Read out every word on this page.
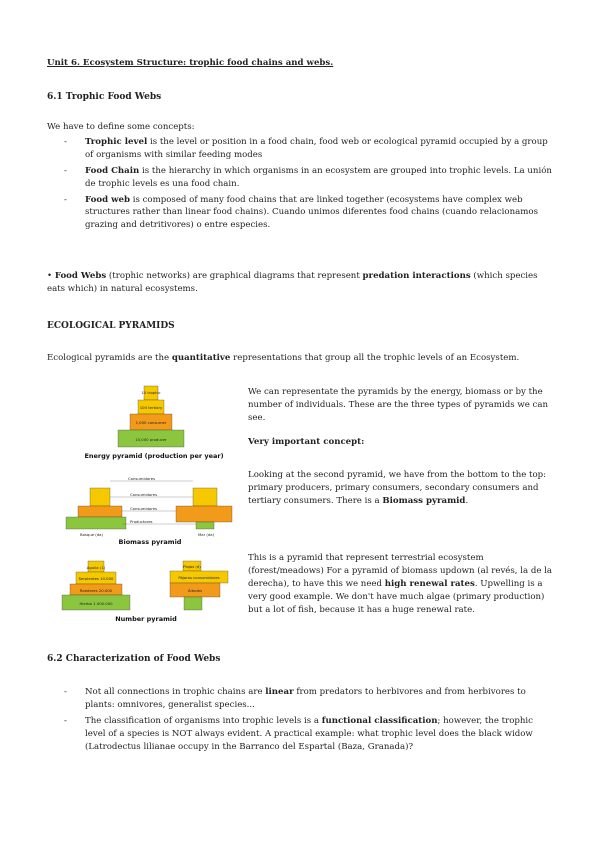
Unit 6. Ecosystem Structure: trophic food chains and webs.
6.1 Trophic Food Webs
We have to define some concepts:
- Trophic level is the level or position in a food chain, food web or ecological pyramid occupied by a group of organisms with similar feeding modes
- Food Chain is the hierarchy in which organisms in an ecosystem are grouped into trophic levels. La unión de trophic levels es una food chain.
- Food web is composed of many food chains that are linked together (ecosystems have complex web structures rather than linear food chains). Cuando unimos diferentes food chains (cuando relacionamos grazing and detritivores) o entre especies.
• Food Webs (trophic networks) are graphical diagrams that represent predation interactions (which species eats which) in natural ecosystems.
ECOLOGICAL PYRAMIDS
Ecological pyramids are the quantitative representations that group all the trophic levels of an Ecosystem.
10 trophic
100 tertiary
1,000 consumer
10,000 producer
Energy pyramid (production per year)
Consumidores
Consumidores
Consumidores
Productores
Bosque (da)	Mar (da)
Biomass pyramid
Aguila (1)
Serpientes 10.000
Roedores 20.000
Hierba 1.000.000
Piojos (d)
Pájaros consumidores
Árboles
Number pyramid
We can representate the pyramids by the energy, biomass or by the number of individuals. These are the three types of pyramids we can see.
Very important concept:
Looking at the second pyramid, we have from the bottom to the top: primary producers, primary consumers, secondary consumers and tertiary consumers. There is a Biomass pyramid.
This is a pyramid that represent terrestrial ecosystem (forest/meadows) For a pyramid of biomass updown (al revés, la de la derecha), to have this we need high renewal rates. Upwelling is a very good example. We don't have much algae (primary production) but a lot of fish, because it has a huge renewal rate.
6.2 Characterization of Food Webs
- Not all connections in trophic chains are linear from predators to herbivores and from herbivores to plants: omnivores, generalist species...
- The classification of organisms into trophic levels is a functional classification; however, the trophic level of a species is NOT always evident. A practical example: what trophic level does the black widow (Latrodectus lilianae occupy in the Barranco del Espartal (Baza, Granada)?
